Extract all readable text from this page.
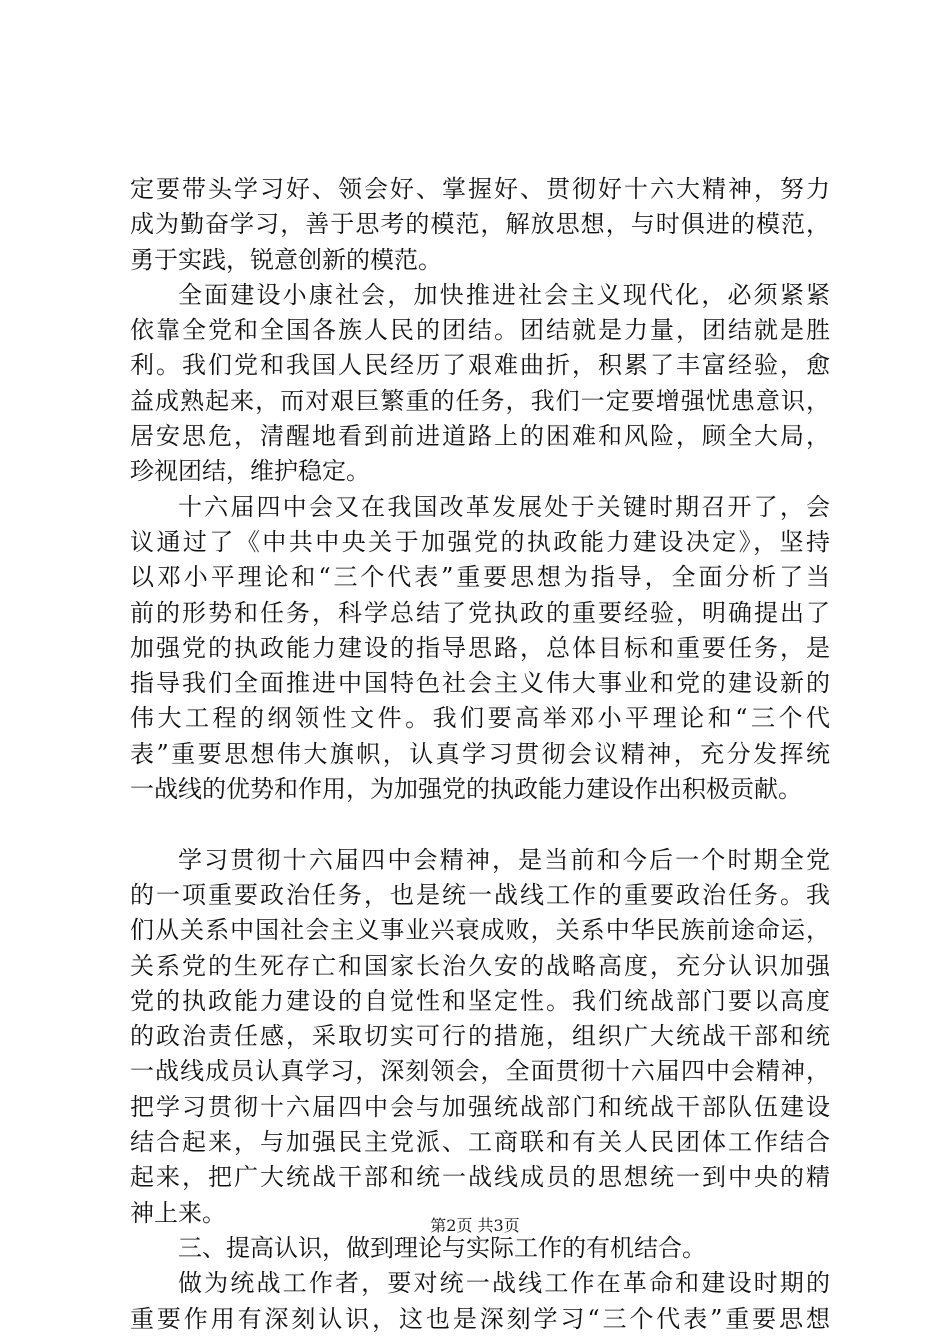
定要带头学习好、领会好、掌握好、贯彻好十六大精神，努力
成为勤奋学习，善于思考的模范，解放思想，与时俱进的模范，
勇于实践，锐意创新的模范。
全面建设小康社会，加快推进社会主义现代化，必须紧紧
依靠全党和全国各族人民的团结。团结就是力量，团结就是胜
利。我们党和我国人民经历了艰难曲折，积累了丰富经验，愈
益成熟起来，而对艰巨繁重的任务，我们一定要增强忧患意识，
居安思危，清醒地看到前进道路上的困难和风险，顾全大局，
珍视团结，维护稳定。
十六届四中会又在我国改革发展处于关键时期召开了，会
议通过了《中共中央关于加强党的执政能力建设决定》，坚持
以邓小平理论和“三个代表”重要思想为指导，全面分析了当
前的形势和任务，科学总结了党执政的重要经验，明确提出了
加强党的执政能力建设的指导思路，总体目标和重要任务，是
指导我们全面推进中国特色社会主义伟大事业和党的建设新的
伟大工程的纲领性文件。我们要高举邓小平理论和“三个代
表”重要思想伟大旗帜，认真学习贯彻会议精神，充分发挥统
一战线的优势和作用，为加强党的执政能力建设作出积极贡献。
学习贯彻十六届四中会精神，是当前和今后一个时期全党
的一项重要政治任务，也是统一战线工作的重要政治任务。我
们从关系中国社会主义事业兴衰成败，关系中华民族前途命运，
关系党的生死存亡和国家长治久安的战略高度，充分认识加强
党的执政能力建设的自觉性和坚定性。我们统战部门要以高度
的政治责任感，采取切实可行的措施，组织广大统战干部和统
一战线成员认真学习，深刻领会，全面贯彻十六届四中会精神，
把学习贯彻十六届四中会与加强统战部门和统战干部队伍建设
结合起来，与加强民主党派、工商联和有关人民团体工作结合
起来，把广大统战干部和统一战线成员的思想统一到中央的精
神上来。
三、提高认识，做到理论与实际工作的有机结合。
做为统战工作者，要对统一战线工作在革命和建设时期的
重要作用有深刻认识，这也是深刻学习“三个代表”重要思想
第2页 共3页
